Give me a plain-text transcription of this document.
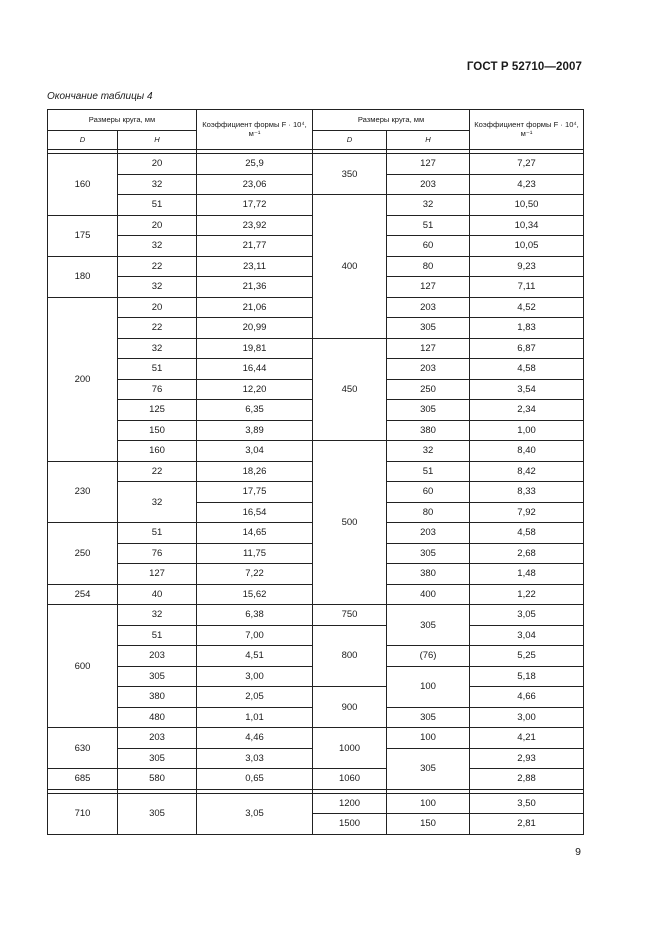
ГОСТ Р 52710—2007
Окончание таблицы 4
Размеры круга, мм		Коэффициент формы F · 10⁴, м⁻¹	Размеры круга, мм		Коэффициент формы F · 10⁴, м⁻¹
D	H		D	H	

160	20	25,9	350	127	7,27
	32	23,06		203	4,23
	51	17,72	400	32	10,50
175	20	23,92		51	10,34
	32	21,77		60	10,05
180	22	23,11		80	9,23
	32	21,36		127	7,11
200	20	21,06		203	4,52
	22	20,99		305	1,83
	32	19,81	450	127	6,87
	51	16,44		203	4,58
	76	12,20		250	3,54
	125	6,35		305	2,34
	150	3,89		380	1,00
	160	3,04	500	32	8,40
230	22	18,26		51	8,42
	32	17,75		60	8,33
		16,54		80	7,92
250	51	14,65		203	4,58
	76	11,75		305	2,68
	127	7,22		380	1,48
254	40	15,62		400	1,22
600	32	6,38	750	305	3,05
	51	7,00	800		3,04
	203	4,51		(76)	5,25
	305	3,00		100	5,18
	380	2,05	900		4,66
	480	1,01		305	3,00
630	203	4,46	1000	100	4,21
	305	3,03		305	2,93
685	580	0,65	1060		2,88

710	305	3,05	1200	100	3,50
			1500	150	2,81
9
